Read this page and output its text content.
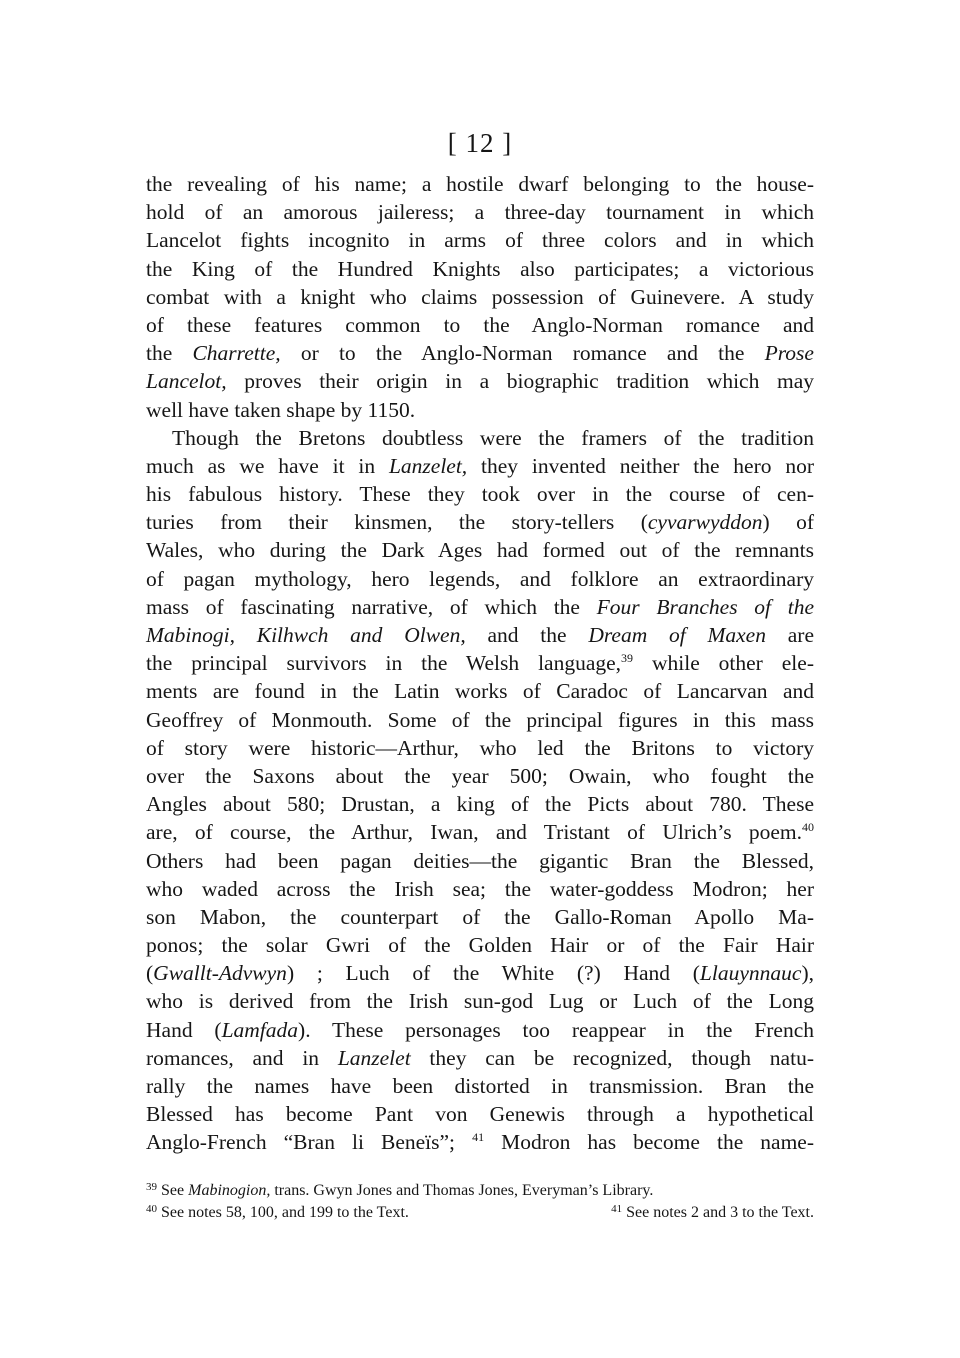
[ 12 ]
the revealing of his name; a hostile dwarf belonging to the house-
hold of an amorous jaileress; a three-day tournament in which
Lancelot fights incognito in arms of three colors and in which
the King of the Hundred Knights also participates; a victorious
combat with a knight who claims possession of Guinevere. A study
of these features common to the Anglo-Norman romance and
the Charrette, or to the Anglo-Norman romance and the Prose
Lancelot, proves their origin in a biographic tradition which may
well have taken shape by 1150.
Though the Bretons doubtless were the framers of the tradition
much as we have it in Lanzelet, they invented neither the hero nor
his fabulous history. These they took over in the course of cen-
turies from their kinsmen, the story-tellers (cyvarwyddon) of
Wales, who during the Dark Ages had formed out of the remnants
of pagan mythology, hero legends, and folklore an extraordinary
mass of fascinating narrative, of which the Four Branches of the
Mabinogi, Kilhwch and Olwen, and the Dream of Maxen are
the principal survivors in the Welsh language,$^{39}$ while other ele-
ments are found in the Latin works of Caradoc of Lancarvan and
Geoffrey of Monmouth. Some of the principal figures in this mass
of story were historic—Arthur, who led the Britons to victory
over the Saxons about the year 500; Owain, who fought the
Angles about 580; Drustan, a king of the Picts about 780. These
are, of course, the Arthur, Iwan, and Tristant of Ulrich’s poem.$^{40}$
Others had been pagan deities—the gigantic Bran the Blessed,
who waded across the Irish sea; the water-goddess Modron; her
son Mabon, the counterpart of the Gallo-Roman Apollo Ma-
ponos; the solar Gwri of the Golden Hair or of the Fair Hair
(Gwallt-Advwyn) ; Luch of the White (?) Hand (Llauynnauc),
who is derived from the Irish sun-god Lug or Luch of the Long
Hand (Lamfada). These personages too reappear in the French
romances, and in Lanzelet they can be recognized, though natu-
rally the names have been distorted in transmission. Bran the
Blessed has become Pant von Genewis through a hypothetical
Anglo-French “Bran li Beneïs”; $^{41}$ Modron has become the name-
$^{39}$ See Mabinogion, trans. Gwyn Jones and Thomas Jones, Everyman’s Library.
$^{40}$ See notes 58, 100, and 199 to the Text.	$^{41}$ See notes 2 and 3 to the Text.
